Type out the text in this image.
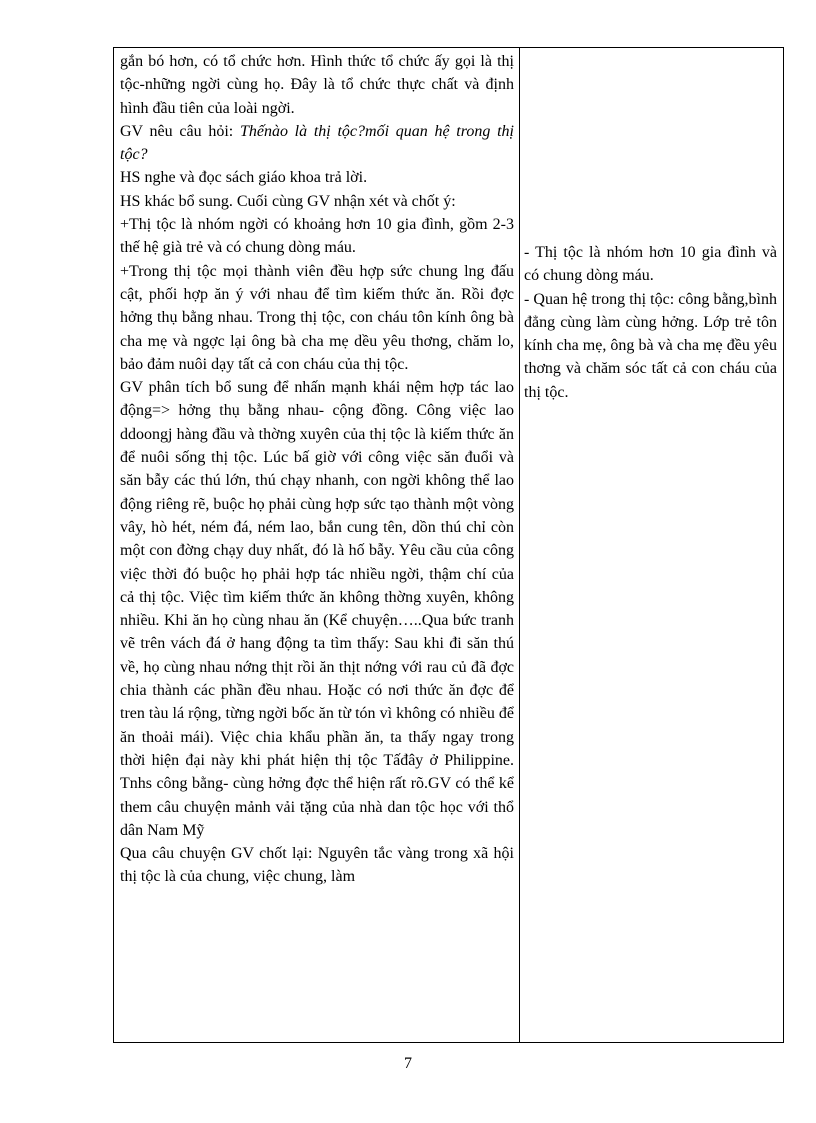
gắn bó hơn, có tổ chức hơn. Hình thức tổ chức ấy gọi là thị tộc-những ngời cùng họ. Đây là tổ chức thực chất và định hình đầu tiên của loài ngời.

GV nêu câu hỏi: Thếnào là thị tộc?mối quan hệ trong thị tộc?

HS nghe và đọc sách giáo khoa trả lời.

HS khác bổ sung. Cuối cùng GV nhận xét và chốt ý:

+Thị tộc là nhóm ngời có khoảng hơn 10 gia đình, gồm 2-3 thế hệ già trẻ và có chung dòng máu.

+Trong thị tộc mọi thành viên đều hợp sức chung lng đấu cật, phối hợp ăn ý với nhau để tìm kiếm thức ăn. Rồi đợc hởng thụ bằng nhau. Trong thị tộc, con cháu tôn kính ông bà cha mẹ và ngợc lại ông bà cha mẹ dều yêu thơng, chăm lo, bảo đảm nuôi dạy tất cả con cháu của thị tộc.

GV phân tích bổ sung để nhấn mạnh khái nệm hợp tác lao động=> hởng thụ bằng nhau- cộng đồng. Công việc lao ddoongj hàng đầu và thờng xuyên của thị tộc là kiếm thức ăn để nuôi sống thị tộc. Lúc bấ giờ với công việc săn đuổi và săn bẫy các thú lớn, thú chạy nhanh, con ngời không thể lao động riêng rẽ, buộc họ phải cùng hợp sức tạo thành một vòng vây, hò hét, ném đá, ném lao, bắn cung tên, dồn thú chỉ còn một con đờng chạy duy nhất, đó là hố bẫy. Yêu cầu của công việc thời đó buộc họ phải hợp tác nhiều ngời, thậm chí của cả thị tộc. Việc tìm kiếm thức ăn không thờng xuyên, không nhiều. Khi ăn họ cùng nhau ăn (Kể chuyện…..Qua bức tranh vẽ trên vách đá ở hang động ta tìm thấy: Sau khi đi săn thú về, họ cùng nhau nớng thịt rồi ăn thịt nớng với rau củ đã đợc chia thành các phần đều nhau. Hoặc có nơi thức ăn đợc để tren tàu lá rộng, từng ngời bốc ăn từ tón vì không có nhiều để ăn thoải mái). Việc chia khẩu phần ăn, ta thấy ngay trong thời hiện đại này khi phát hiện thị tộc Tấđây ở Philippine. Tnhs công bằng- cùng hởng đợc thể hiện rất rõ.GV có thể kể them câu chuyện mảnh vải tặng của nhà dan tộc học với thổ dân Nam Mỹ

Qua câu chuyện GV chốt lại: Nguyên tắc vàng trong xã hội thị tộc là của chung, việc chung, làm

- Thị tộc là nhóm hơn 10 gia đình và có chung dòng máu.

- Quan hệ trong thị tộc: công bằng,bình đẳng cùng làm cùng hởng. Lớp trẻ tôn kính cha mẹ, ông bà và cha mẹ đều yêu thơng và chăm sóc tất cả con cháu của thị tộc.

7
